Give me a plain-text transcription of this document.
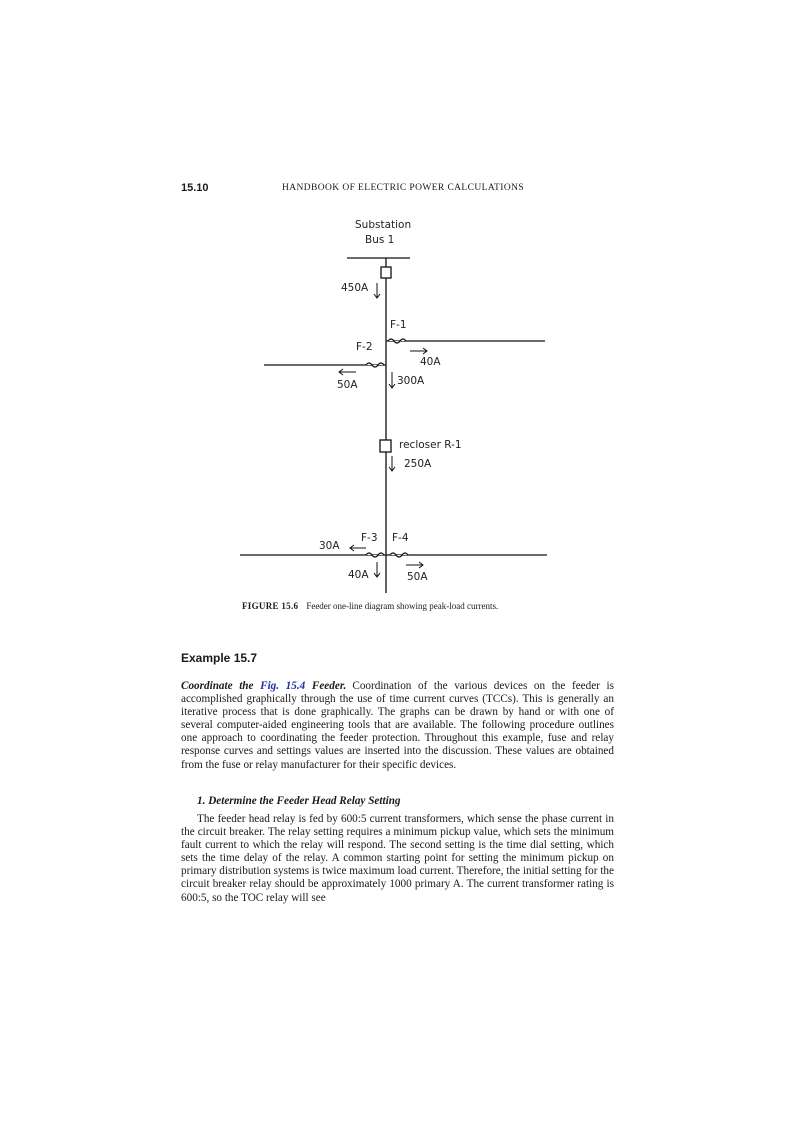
15.10	HANDBOOK OF ELECTRIC POWER CALCULATIONS
Substation
Bus 1
450A
F-1
F-2
40A
50A	300A
recloser R-1
250A
F-3 F-4
30A
40A	50A
FIGURE 15.6 Feeder one-line diagram showing peak-load currents.
Example 15.7

Coordinate the Fig. 15.4 Feeder. Coordination of the various devices on the feeder is accomplished graphically through the use of time current curves (TCCs). This is generally an iterative process that is done graphically. The graphs can be drawn by hand or with one of several computer-aided engineering tools that are available. The following procedure outlines one approach to coordinating the feeder protection. Throughout this example, fuse and relay response curves and settings values are inserted into the discussion. These values are obtained from the fuse or relay manufacturer for their specific devices.

1. Determine the Feeder Head Relay Setting

The feeder head relay is fed by 600:5 current transformers, which sense the phase current in the circuit breaker. The relay setting requires a minimum pickup value, which sets the minimum fault current to which the relay will respond. The second setting is the time dial setting, which sets the time delay of the relay. A common starting point for setting the minimum pickup on primary distribution systems is twice maximum load current. Therefore, the initial setting for the circuit breaker relay should be approximately 1000 primary A. The current transformer rating is 600:5, so the TOC relay will see
